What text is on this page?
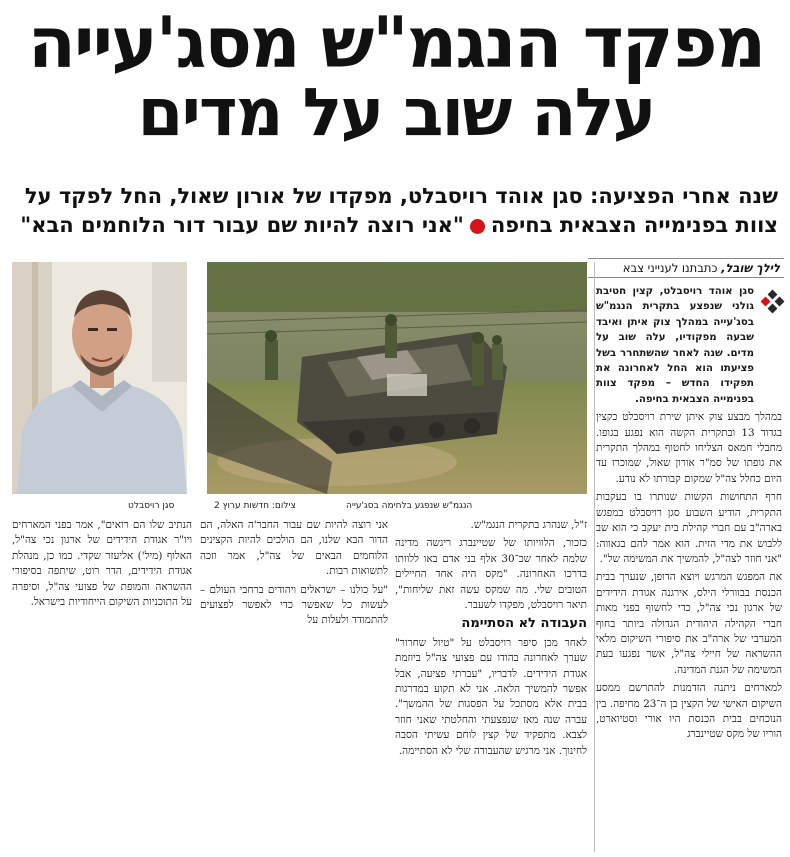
מפקד הנגמ"ש מסג'עייה
עלה שוב על מדים
שנה אחרי הפציעה: סגן אוהד רויסבלט, מפקדו של אורון שאול, החל לפקד על
צוות בפנימייה הצבאית בחיפה"אני רוצה להיות שם עבור דור הלוחמים הבא"
לילך שובל, כתבתנו לענייני צבא

סגן אוהד רויסבלט, קצין חטיבת גולני שנפצע בתקרית הנגמ"ש בסג'עייה במהלך צוק איתן ואיבד שבעה מפקודיו, עלה שוב על מדים. שנה לאחר שהשתחרר בשל פציעתו הוא החל לאחרונה את תפקידו החדש – מפקד צוות בפנימייה הצבאית בחיפה.

במהלך מבצע צוק איתן שירת רויסבלט כקצין בגדוד 13 ובתקרית הקשה הוא נפגע בגופו. מחבלי חמאס הצליחו לחטוף במהלך התקרית את גופתו של סמ"ר אורון שאול, שמוכרז עד היום כחלל צה"ל שמקום קבורתו לא נודע.

חרף התחושות הקשות שנותרו בו בעקבות התקרית, הודיע השבוע סגן רויסבלט במפגש בארה"ב עם חברי קהילת בית יעקב כי הוא שב ללבוש את מדי הזית. הוא אמר להם בגאווה: "אני חוזר לצה"ל, להמשיך את המשימה של".

את המפגש המרגש ויוצא הדופן, שנערך בבית הכנסת בבוורלי הילס, אירגנה אגודת הידידים של ארגון נכי צה"ל, כדי לחשוף בפני מאות חברי הקהילה היהודית הגדולה ביותר בחוף המערבי של ארה"ב את סיפורי השיקום מלאי ההשראה של חיילי צה"ל, אשר נפגעו בעת המשימה של הגנת המדינה.

למארחים ניתנה הזדמנות להתרשם ממסע השיקום האישי של הקצין בן ה־23 מחיפה. בין הנוכחים בבית הכנסת היו אורי וסטיוארט, הוריו של מקס שטיינברג

הנגמ"ש שנפגע בלחימה בסג'עייה
צילום: חדשות ערוץ 2
סגן רויסבלט

ז"ל, שנהרג בתקרית הנגמ"ש.

כזכור, הלוויותו של שטיינברג ריגשה מדינה שלמה לאחר שכ־30 אלף בני אדם באו ללוותו בדרכו האחרונה. "מקס היה אחד החיילים הטובים שלי. מה שמקס עשה זאת שליחות", תיאר רויסבלט, מפקדו לשעבר.

העבודה לא הסתיימה

לאחר מכן סיפר רויסבלט על "טיול שחרור" שערך לאחרונה בהודו עם פצועי צה"ל ביוזמת אגודת הידידים. לדבריו, "עברתי פציעה, אבל אפשר להמשיך הלאה. אני לא תקוע במדרגות בבית אלא מסתכל על הפסגות של ההמשך". עברה שנה מאז שנפצעתי והחלטתי שאני חוזר לצבא. מתפקיד של קצין לוחם עשיתי הסבה לחינוך. אני מרגיש שהעבודה שלי לא הסתיימה.

אני רוצה להיות שם עבור החבר'ה האלה, הם הדור הבא שלנו, הם הולכים להיות הקצינים הלוחמים הבאים של צה"ל, אמר וזכה לתשואות רבות.

"על כולנו – ישראלים ויהודים ברחבי העולם – לעשות כל שאפשר כדי לאפשר לפצועים להתמודד ולעלות על

הנתיב שלו הם רואים", אמר בפני המארחים ויו"ר אגודת הידידים של ארגון נכי צה"ל, האלוף (מיל') אליעזר שקדי. כמו כן, מנהלת אגודת הידידים, הדר רוט, שיתפה בסיפורי ההשראה והמופת של פצועי צה"ל, וסיפרה על התוכניות השיקום הייחודיות בישראל.
